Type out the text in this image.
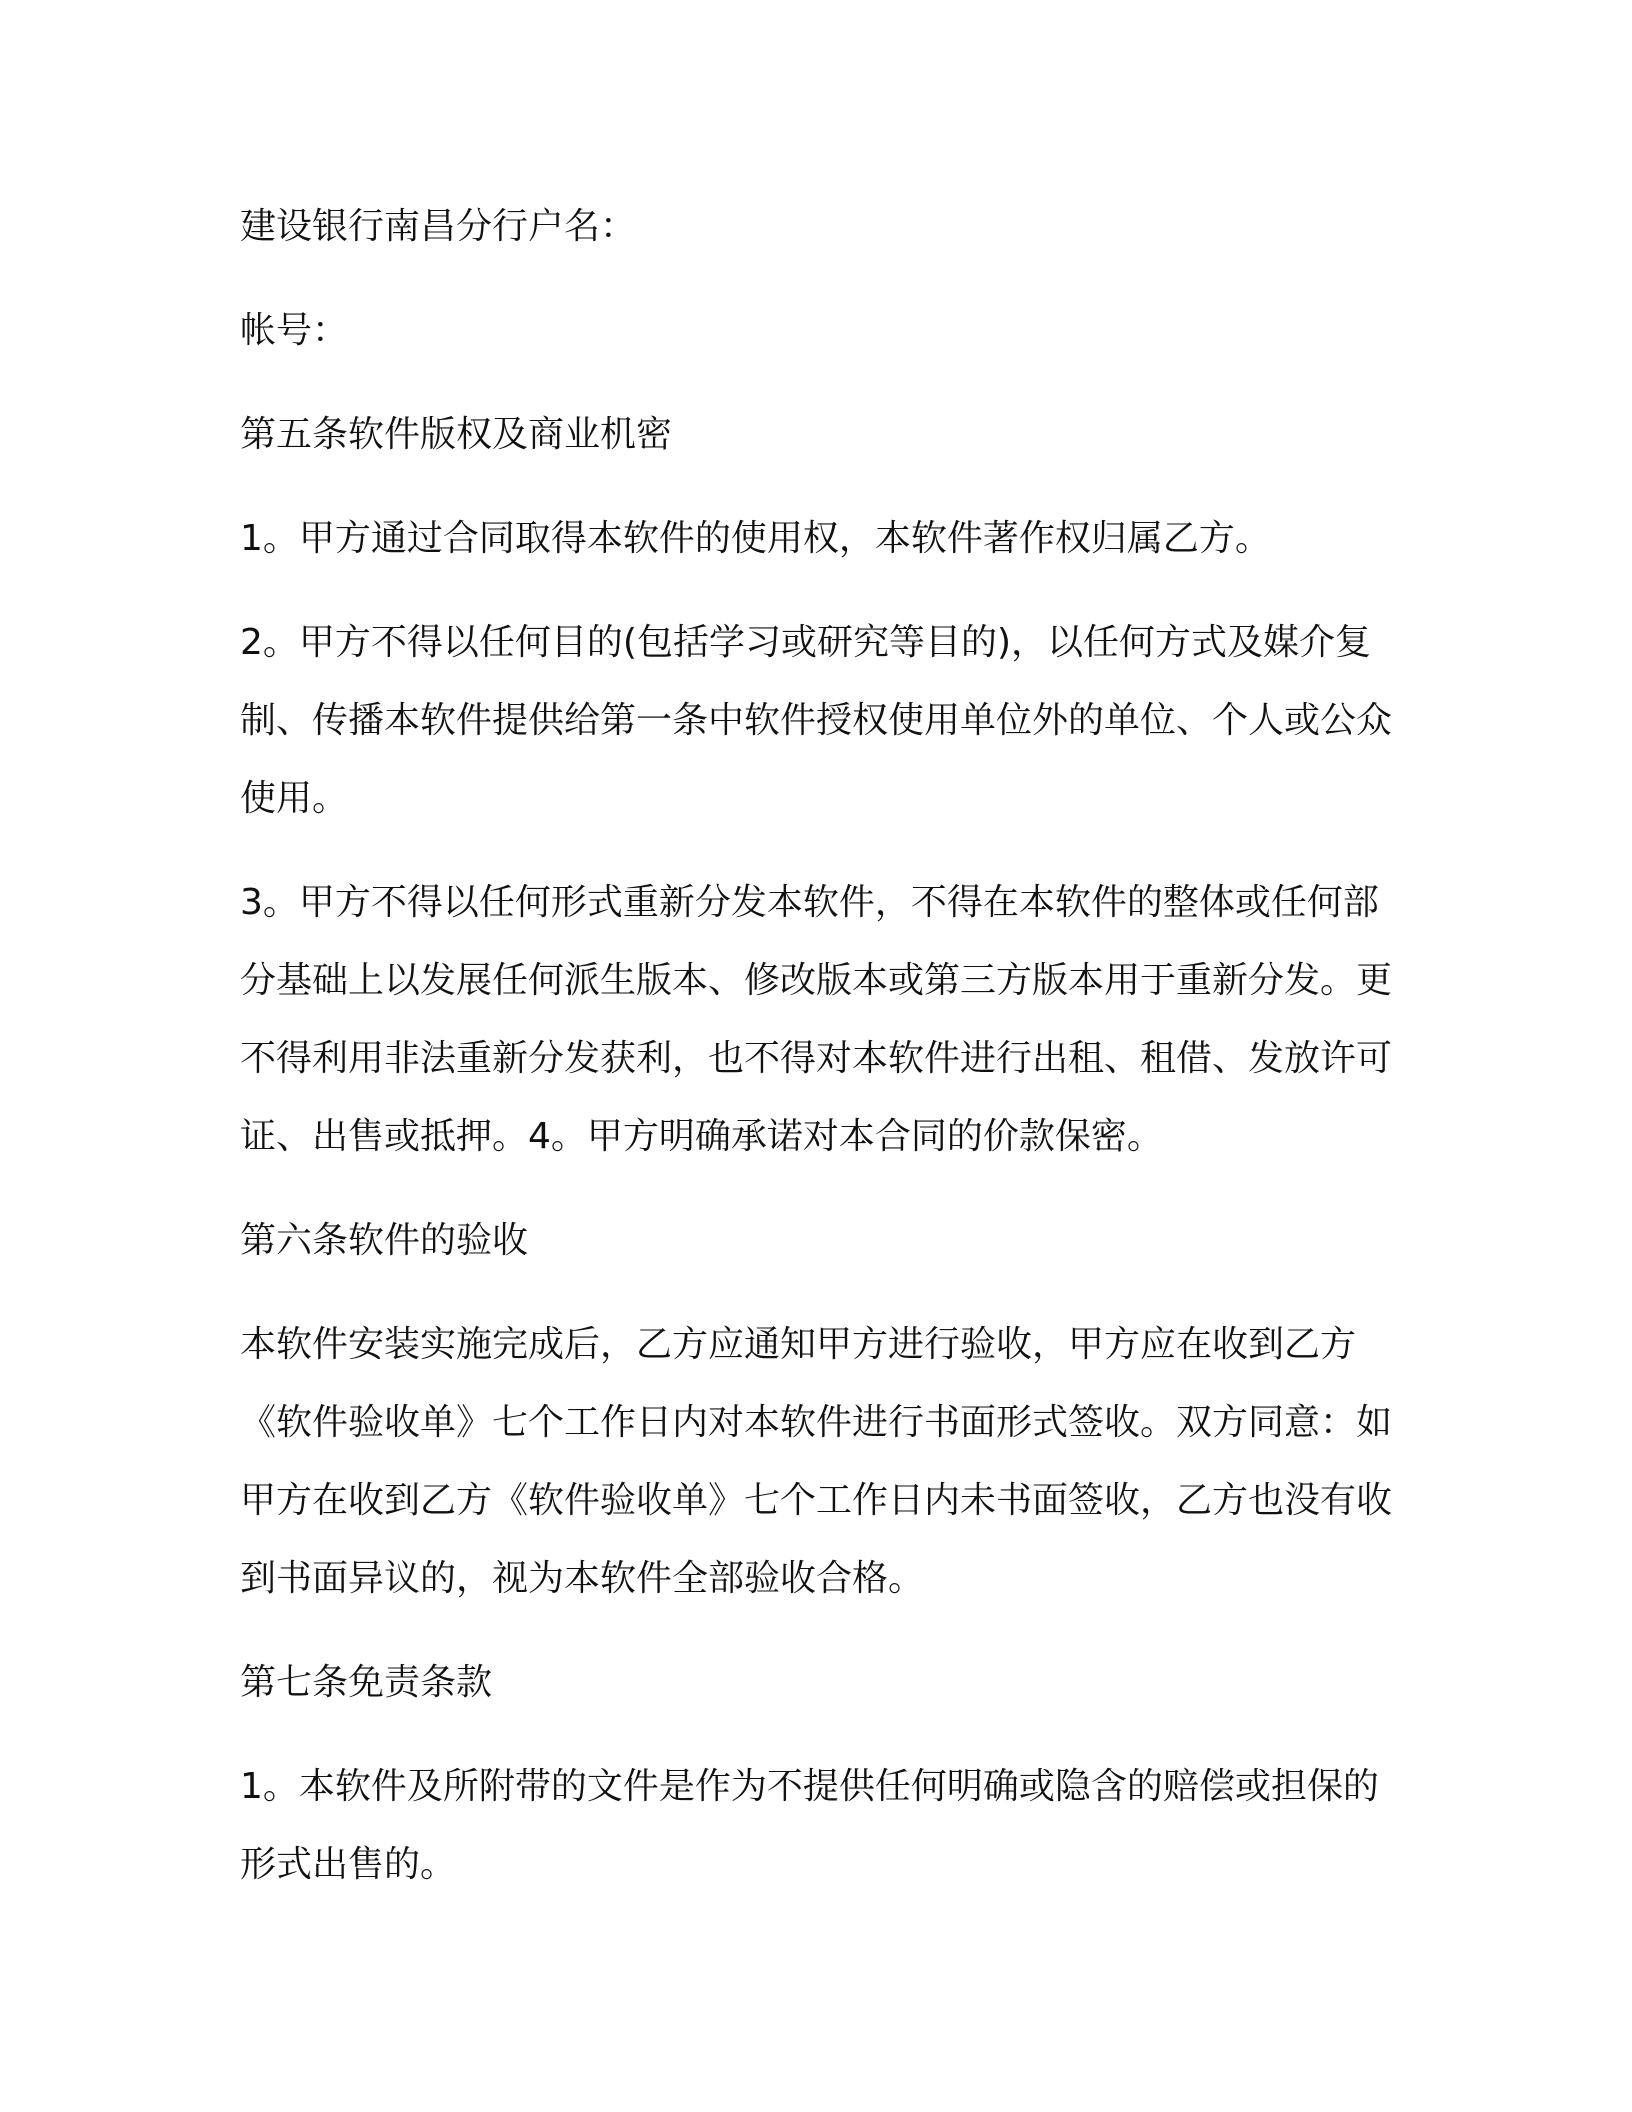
建设银行南昌分行户名：

帐号：

第五条软件版权及商业机密

1。甲方通过合同取得本软件的使用权，本软件著作权归属乙方。

2。甲方不得以任何目的(包括学习或研究等目的)，以任何方式及媒介复制、传播本软件提供给第一条中软件授权使用单位外的单位、个人或公众使用。

3。甲方不得以任何形式重新分发本软件，不得在本软件的整体或任何部分基础上以发展任何派生版本、修改版本或第三方版本用于重新分发。更不得利用非法重新分发获利，也不得对本软件进行出租、租借、发放许可证、出售或抵押。4。甲方明确承诺对本合同的价款保密。

第六条软件的验收

本软件安装实施完成后，乙方应通知甲方进行验收，甲方应在收到乙方《软件验收单》七个工作日内对本软件进行书面形式签收。双方同意：如甲方在收到乙方《软件验收单》七个工作日内未书面签收，乙方也没有收到书面异议的，视为本软件全部验收合格。

第七条免责条款

1。本软件及所附带的文件是作为不提供任何明确或隐含的赔偿或担保的形式出售的。
